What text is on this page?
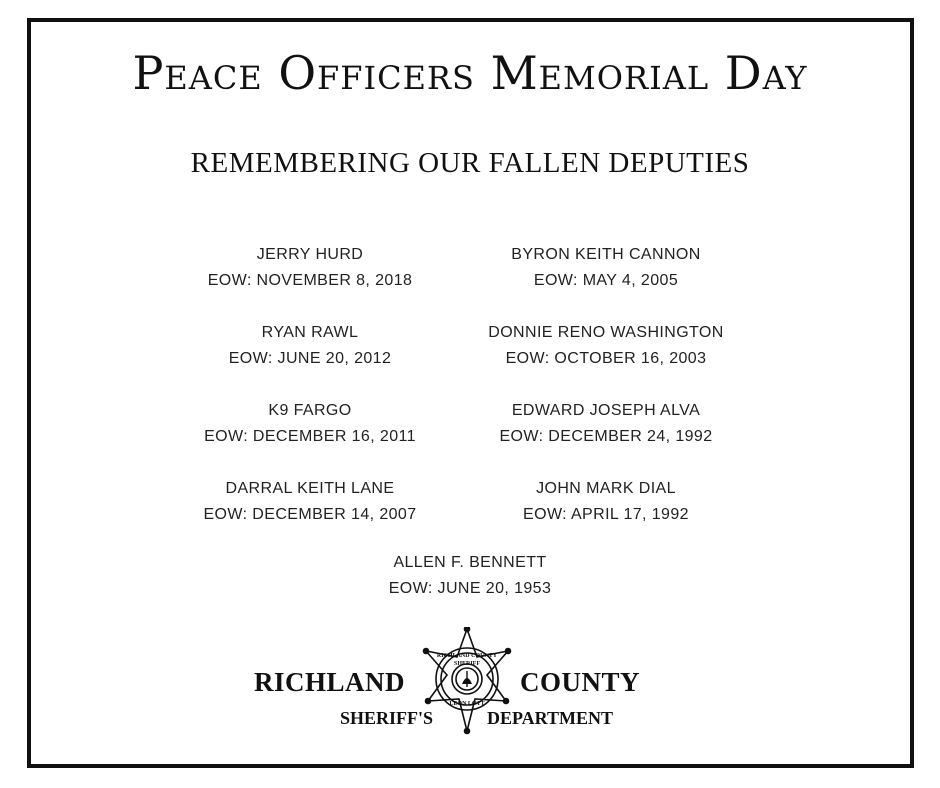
Peace Officers Memorial Day
REMEMBERING OUR FALLEN DEPUTIES
JERRY HURD
EOW: NOVEMBER 8, 2018
BYRON KEITH CANNON
EOW: MAY 4, 2005
RYAN RAWL
EOW: JUNE 20, 2012
DONNIE RENO WASHINGTON
EOW: OCTOBER 16, 2003
K9 FARGO
EOW: DECEMBER 16, 2011
EDWARD JOSEPH ALVA
EOW: DECEMBER 24, 1992
DARRAL KEITH LANE
EOW: DECEMBER 14, 2007
JOHN MARK DIAL
EOW: APRIL 17, 1992
ALLEN F. BENNETT
EOW: JUNE 20, 1953
RICHLAND	COUNTY
SHERIFF'S	DEPARTMENT
RICHLAND COUNTY
SHERIFF
LEON LOTT
